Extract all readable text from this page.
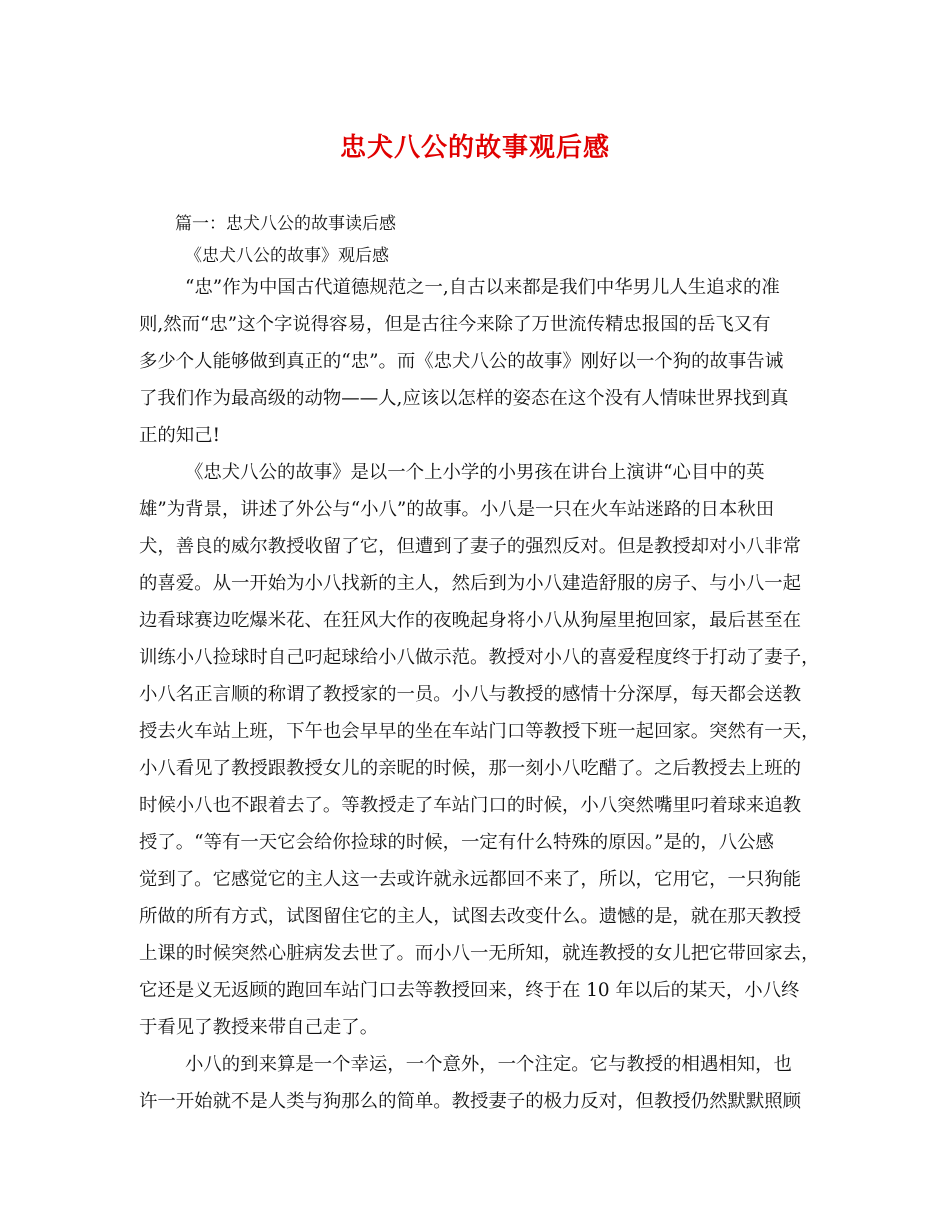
忠犬八公的故事观后感

篇一：忠犬八公的故事读后感

《忠犬八公的故事》观后感

“忠”作为中国古代道德规范之一,自古以来都是我们中华男儿人生追求的准

则,然而“忠”这个字说得容易，但是古往今来除了万世流传精忠报国的岳飞又有

多少个人能够做到真正的“忠”。而《忠犬八公的故事》刚好以一个狗的故事告诫

了我们作为最高级的动物——人,应该以怎样的姿态在这个没有人情味世界找到真

正的知己!

《忠犬八公的故事》是以一个上小学的小男孩在讲台上演讲“心目中的英

雄”为背景，讲述了外公与“小八”的故事。小八是一只在火车站迷路的日本秋田

犬，善良的威尔教授收留了它，但遭到了妻子的强烈反对。但是教授却对小八非常

的喜爱。从一开始为小八找新的主人，然后到为小八建造舒服的房子、与小八一起

边看球赛边吃爆米花、在狂风大作的夜晚起身将小八从狗屋里抱回家，最后甚至在

训练小八捡球时自己叼起球给小八做示范。教授对小八的喜爱程度终于打动了妻子，

小八名正言顺的称谓了教授家的一员。小八与教授的感情十分深厚，每天都会送教

授去火车站上班，下午也会早早的坐在车站门口等教授下班一起回家。突然有一天，

小八看见了教授跟教授女儿的亲昵的时候，那一刻小八吃醋了。之后教授去上班的

时候小八也不跟着去了。等教授走了车站门口的时候，小八突然嘴里叼着球来追教

授了。“等有一天它会给你捡球的时候，一定有什么特殊的原因。”是的，八公感

觉到了。它感觉它的主人这一去或许就永远都回不来了，所以，它用它，一只狗能

所做的所有方式，试图留住它的主人，试图去改变什么。遗憾的是，就在那天教授

上课的时候突然心脏病发去世了。而小八一无所知，就连教授的女儿把它带回家去，

它还是义无返顾的跑回车站门口去等教授回来，终于在 10 年以后的某天，小八终

于看见了教授来带自己走了。

小八的到来算是一个幸运，一个意外，一个注定。它与教授的相遇相知，也

许一开始就不是人类与狗那么的简单。教授妻子的极力反对，但教授仍然默默照顾
